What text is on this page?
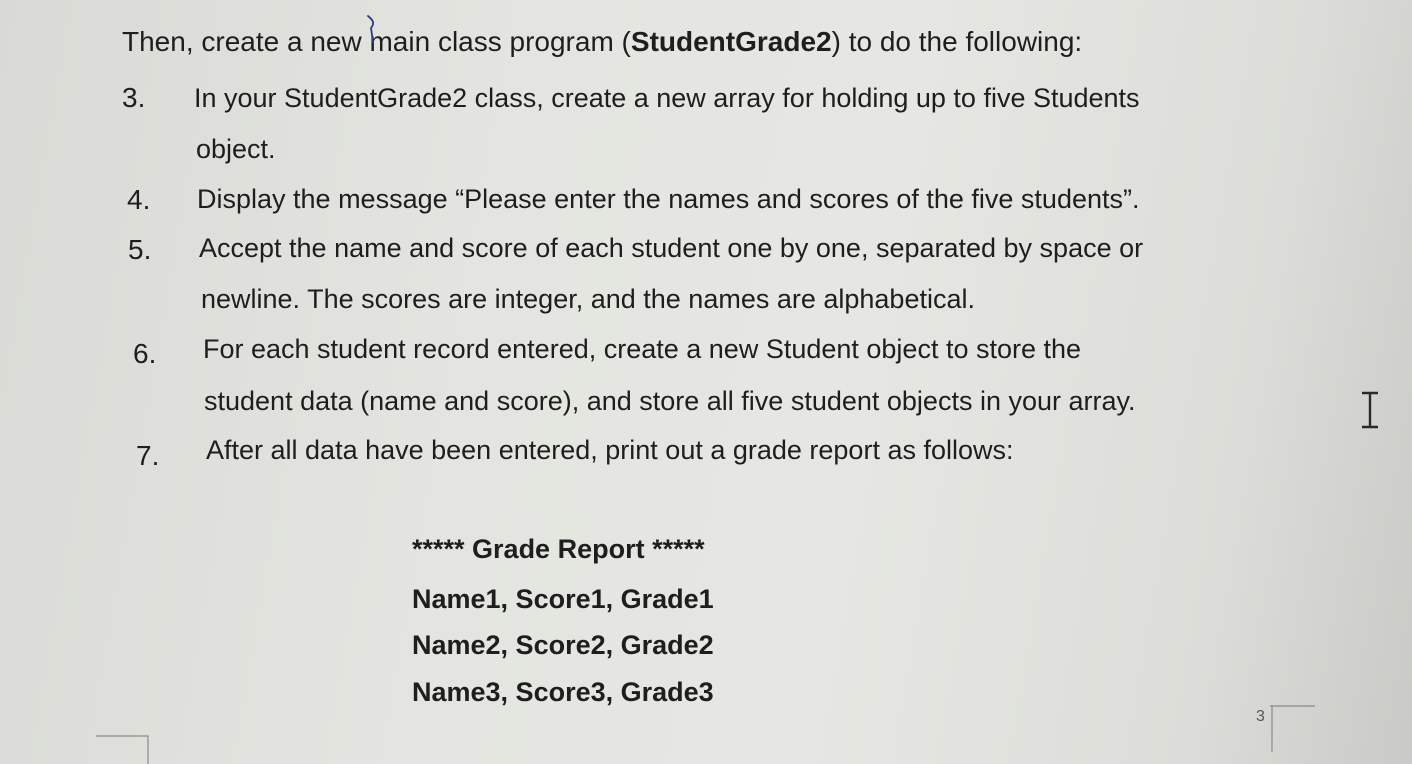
Then, create a new main class program (StudentGrade2) to do the following:
3. In your StudentGrade2 class, create a new array for holding up to five Students
object.
4. Display the message “Please enter the names and scores of the five students”.
5. Accept the name and score of each student one by one, separated by space or
newline. The scores are integer, and the names are alphabetical.
6. For each student record entered, create a new Student object to store the
student data (name and score), and store all five student objects in your array.
7. After all data have been entered, print out a grade report as follows:
***** Grade Report *****
Name1, Score1, Grade1
Name2, Score2, Grade2
Name3, Score3, Grade3
3
